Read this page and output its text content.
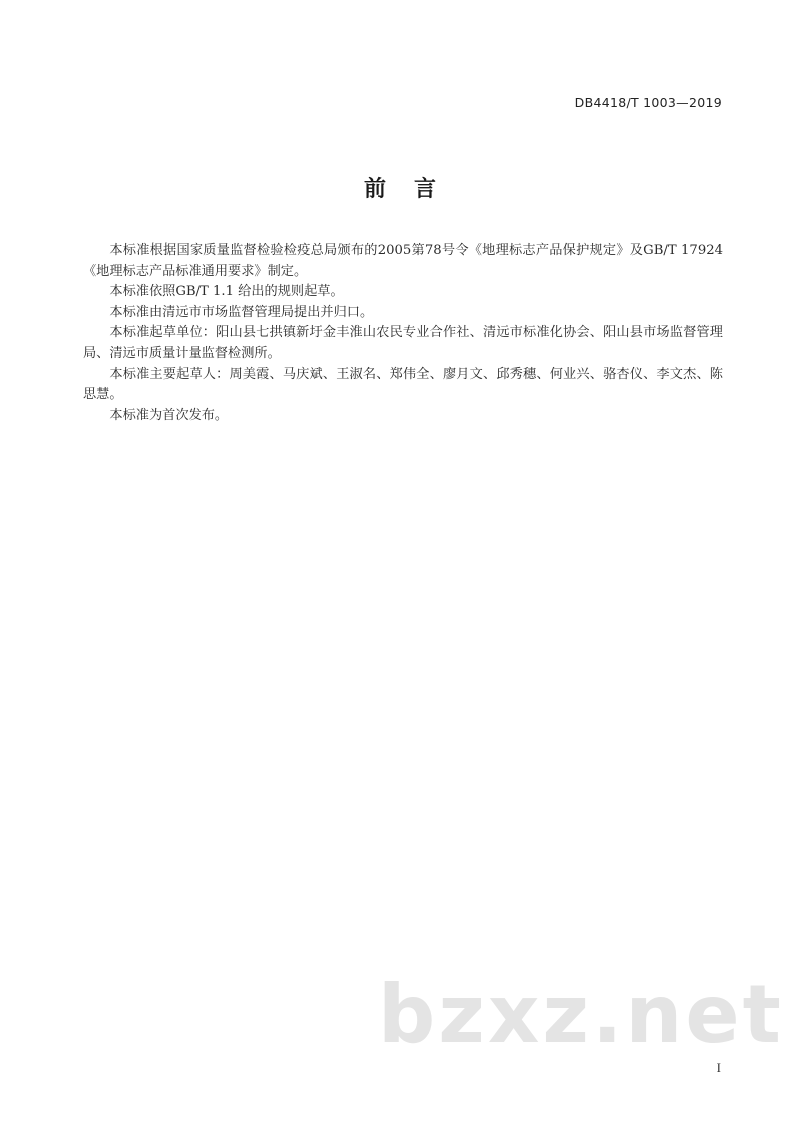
DB4418/T 1003—2019
前言

本标准根据国家质量监督检验检疫总局颁布的2005第78号令《地理标志产品保护规定》及GB/T 17924《地理标志产品标准通用要求》制定。

本标准依照GB/T 1.1 给出的规则起草。

本标准由清远市市场监督管理局提出并归口。

本标准起草单位：阳山县七拱镇新圩金丰淮山农民专业合作社、清远市标准化协会、阳山县市场监督管理局、清远市质量计量监督检测所。

本标准主要起草人：周美霞、马庆斌、王淑名、郑伟全、廖月文、邱秀穗、何业兴、骆杏仪、李文杰、陈思慧。

本标准为首次发布。

bzxz.net
I
